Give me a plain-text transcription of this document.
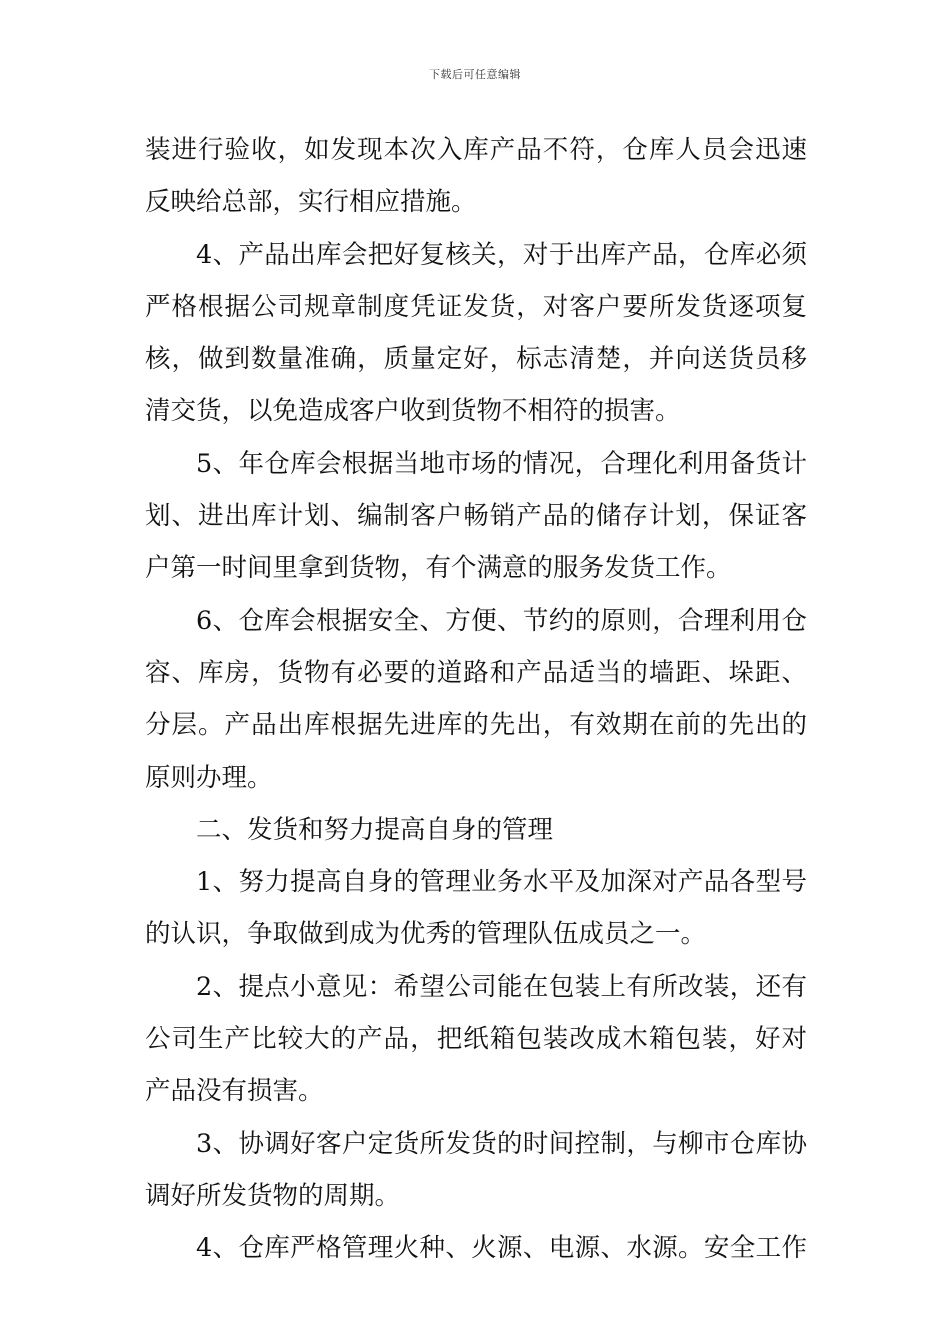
下载后可任意编辑
装进行验收，如发现本次入库产品不符，仓库人员会迅速
反映给总部，实行相应措施。
4、产品出库会把好复核关，对于出库产品，仓库必须
严格根据公司规章制度凭证发货，对客户要所发货逐项复
核，做到数量准确，质量定好，标志清楚，并向送货员移
清交货，以免造成客户收到货物不相符的损害。
5、年仓库会根据当地市场的情况，合理化利用备货计
划、进出库计划、编制客户畅销产品的储存计划，保证客
户第一时间里拿到货物，有个满意的服务发货工作。
6、仓库会根据安全、方便、节约的原则，合理利用仓
容、库房，货物有必要的道路和产品适当的墙距、垛距、
分层。产品出库根据先进库的先出，有效期在前的先出的
原则办理。
二、发货和努力提高自身的管理
1、努力提高自身的管理业务水平及加深对产品各型号
的认识，争取做到成为优秀的管理队伍成员之一。
2、提点小意见：希望公司能在包装上有所改装，还有
公司生产比较大的产品，把纸箱包装改成木箱包装，好对
产品没有损害。
3、协调好客户定货所发货的时间控制，与柳市仓库协
调好所发货物的周期。
4、仓库严格管理火种、火源、电源、水源。安全工作
